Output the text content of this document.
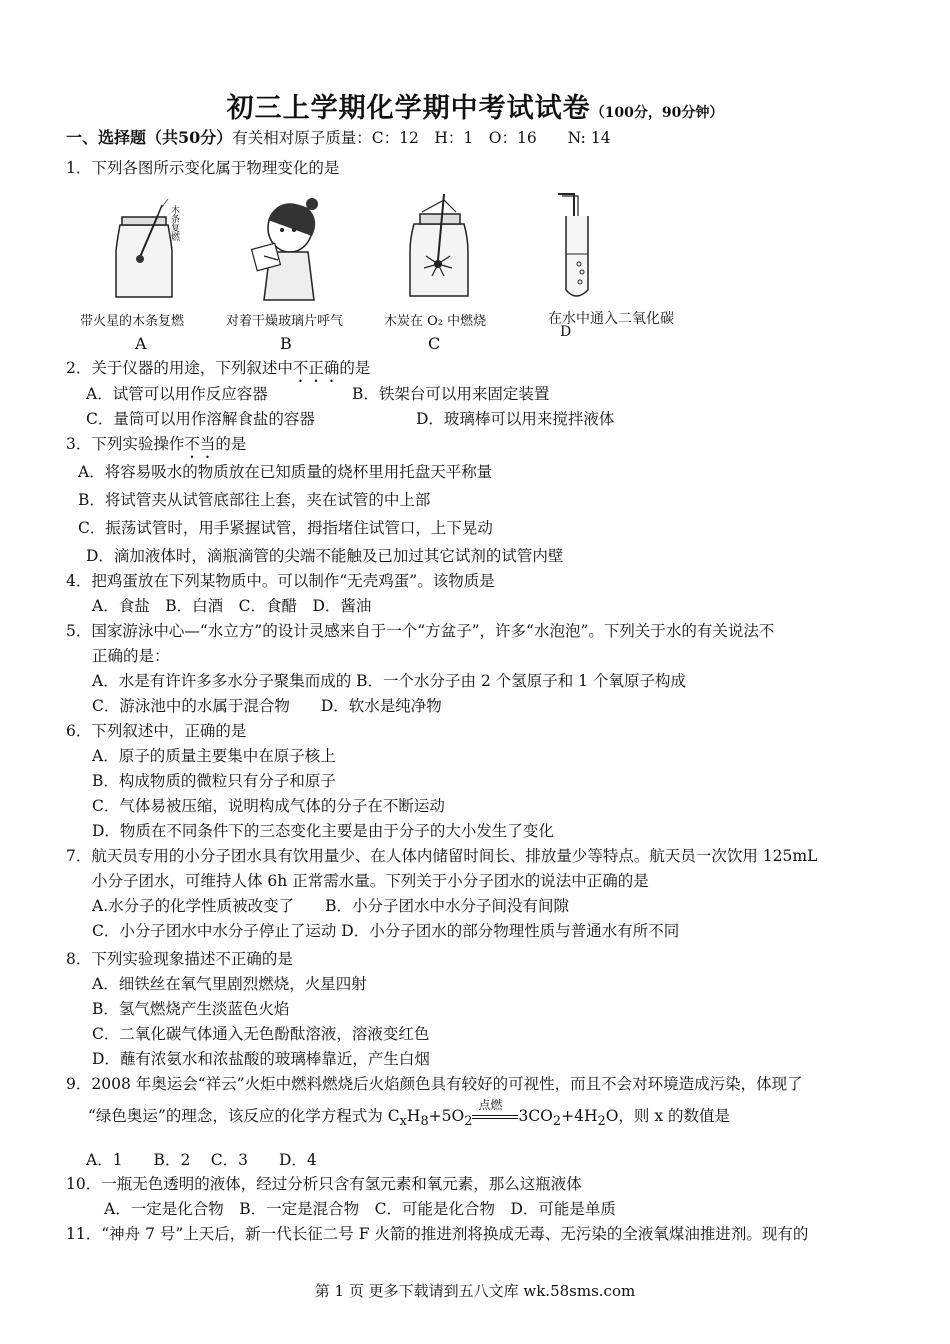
初三上学期化学期中考试试卷（100分，90分钟）
一、选择题（共50分）有关相对原子质量：C：12　H：1　O：16　　N: 14
1．下列各图所示变化属于物理变化的是
木条复燃
带火星的木条复燃
A
对着干燥玻璃片呼气
B
木炭在 O₂ 中燃烧
C
在水中通入二氧化碳
D
2．关于仪器的用途，下列叙述中不正确的是
A．试管可以用作反应容器	B．铁架台可以用来固定装置
C．量筒可以用作溶解食盐的容器	D．玻璃棒可以用来搅拌液体
3．下列实验操作不当的是
A．将容易吸水的物质放在已知质量的烧杯里用托盘天平称量
B．将试管夹从试管底部往上套，夹在试管的中上部
C．振荡试管时，用手紧握试管，拇指堵住试管口，上下晃动
D．滴加液体时，滴瓶滴管的尖端不能触及已加过其它试剂的试管内壁
4．把鸡蛋放在下列某物质中。可以制作“无壳鸡蛋”。该物质是
A．食盐　B．白酒　C．食醋　D．酱油
5．国家游泳中心—“水立方”的设计灵感来自于一个“方盆子”，许多“水泡泡”。下列关于水的有关说法不
正确的是：
A．水是有许许多多水分子聚集而成的 B．一个水分子由 2 个氢原子和 1 个氧原子构成
C．游泳池中的水属于混合物　　D．软水是纯净物
6．下列叙述中，正确的是
A．原子的质量主要集中在原子核上
B．构成物质的微粒只有分子和原子
C．气体易被压缩，说明构成气体的分子在不断运动
D．物质在不同条件下的三态变化主要是由于分子的大小发生了变化
7．航天员专用的小分子团水具有饮用量少、在人体内储留时间长、排放量少等特点。航天员一次饮用 125mL
小分子团水，可维持人体 6h 正常需水量。下列关于小分子团水的说法中正确的是
A.水分子的化学性质被改变了　　B．小分子团水中水分子间没有间隙
C．小分子团水中水分子停止了运动 D．小分子团水的部分物理性质与普通水有所不同
8．下列实验现象描述不正确的是
A．细铁丝在氧气里剧烈燃烧，火星四射
B．氢气燃烧产生淡蓝色火焰
C．二氧化碳气体通入无色酚酞溶液，溶液变红色
D．蘸有浓氨水和浓盐酸的玻璃棒靠近，产生白烟
9．2008 年奥运会“祥云”火炬中燃料燃烧后火焰颜色具有较好的可视性，而且不会对环境造成污染，体现了
“绿色奥运”的理念，该反应的化学方程式为 $C_xH_8+5O_2$
点燃
$3CO_2+4H_2O$，则 x 的数值是
A．1　　B．2　 C．3　　D．4
10．一瓶无色透明的液体，经过分析只含有氢元素和氧元素，那么这瓶液体
A．一定是化合物　B．一定是混合物　C．可能是化合物　D．可能是单质
11．“神舟 7 号”上天后，新一代长征二号 F 火箭的推进剂将换成无毒、无污染的全液氧煤油推进剂。现有的
第 1 页 更多下载请到五八文库 wk.58sms.com
